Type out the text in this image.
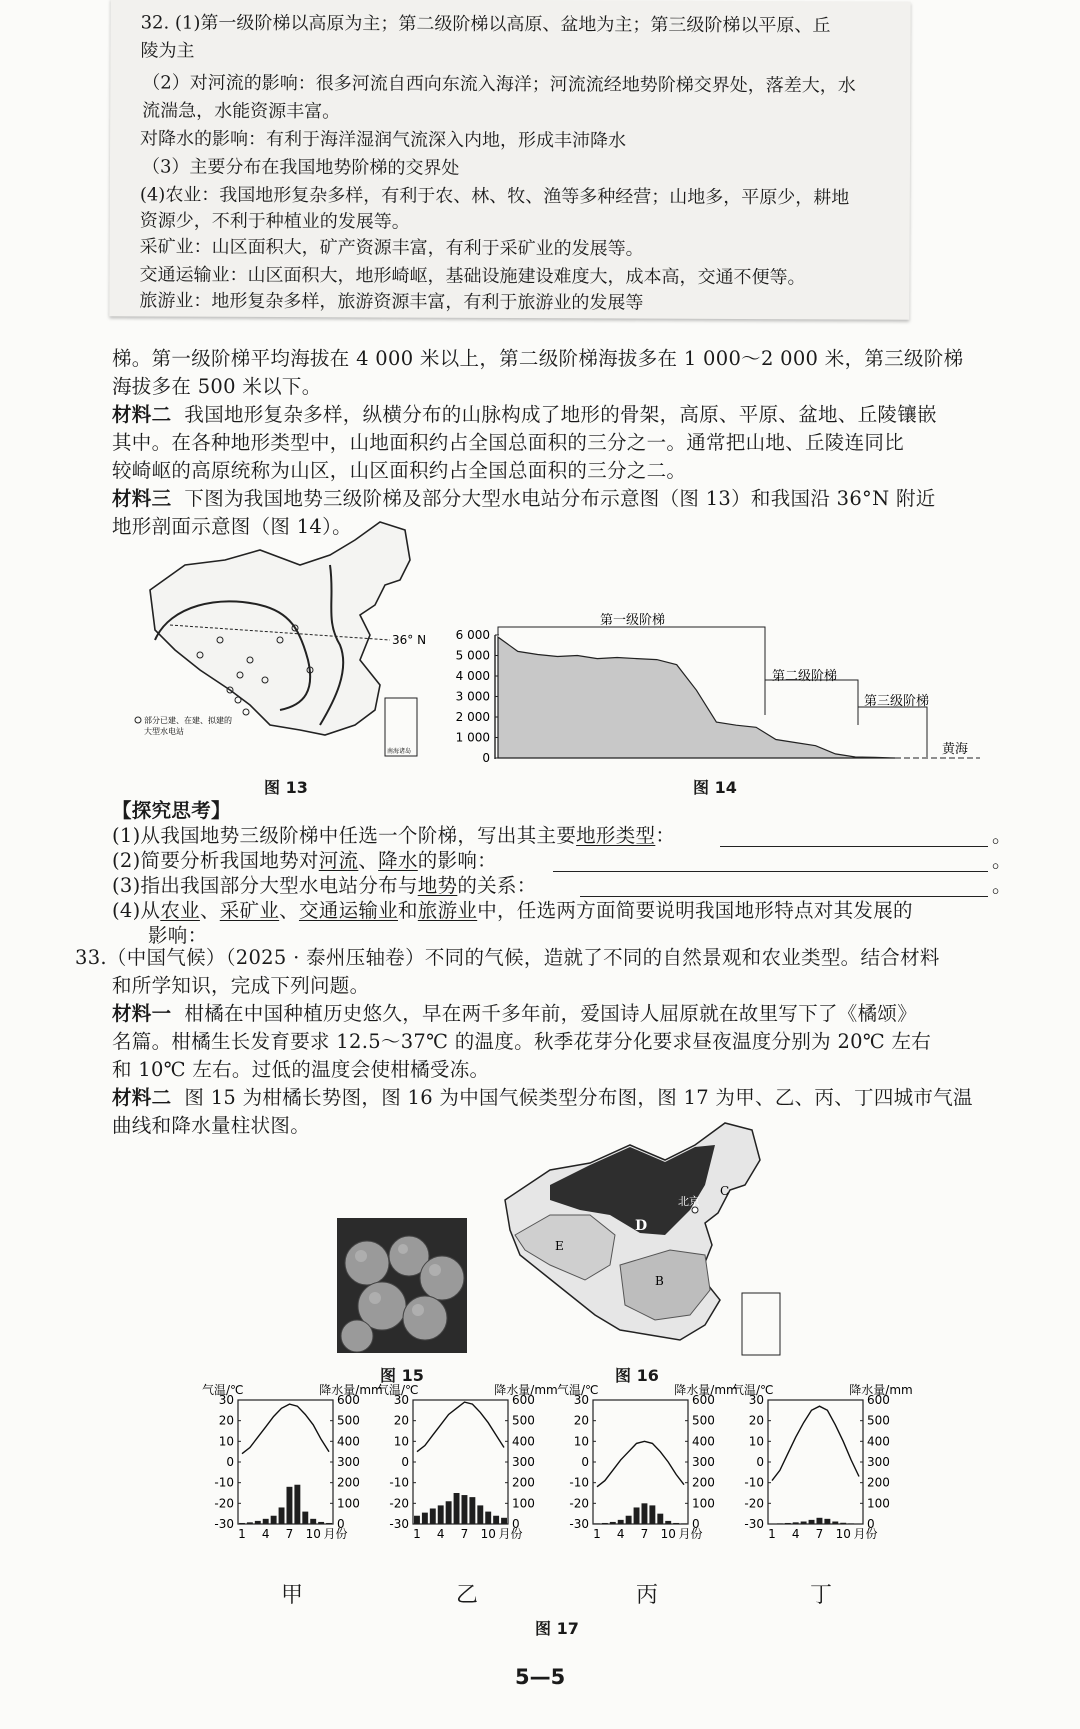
32. (1)第一级阶梯以高原为主；第二级阶梯以高原、盆地为主；第三级阶梯以平原、丘
陵为主
（2）对河流的影响：很多河流自西向东流入海洋；河流流经地势阶梯交界处，落差大，水
流湍急，水能资源丰富。
对降水的影响：有利于海洋湿润气流深入内地，形成丰沛降水
（3）主要分布在我国地势阶梯的交界处
(4)农业：我国地形复杂多样，有利于农、林、牧、渔等多种经营；山地多，平原少，耕地
资源少，不利于种植业的发展等。
采矿业：山区面积大，矿产资源丰富，有利于采矿业的发展等。
交通运输业：山区面积大，地形崎岖，基础设施建设难度大，成本高，交通不便等。
旅游业：地形复杂多样，旅游资源丰富，有利于旅游业的发展等
梯。第一级阶梯平均海拔在 4 000 米以上，第二级阶梯海拔多在 1 000～2 000 米，第三级阶梯
海拔多在 500 米以下。
材料二 我国地形复杂多样，纵横分布的山脉构成了地形的骨架，高原、平原、盆地、丘陵镶嵌
其中。在各种地形类型中，山地面积约占全国总面积的三分之一。通常把山地、丘陵连同比
较崎岖的高原统称为山区，山区面积约占全国总面积的三分之二。
材料三 下图为我国地势三级阶梯及部分大型水电站分布示意图（图 13）和我国沿 36°N 附近
地形剖面示意图（图 14）。
36° N
部分已建、在建、拟建的
大型水电站
南海诸岛
图 13
6 000
5 000
4 000
3 000
2 000
1 000
0
第一级阶梯
第二级阶梯
第三级阶梯
黄海
图 14
【探究思考】
(1)从我国地势三级阶梯中任选一个阶梯，写出其主要地形类型：	。
(2)简要分析我国地势对河流、降水的影响：	。
(3)指出我国部分大型水电站分布与地势的关系：	。
(4)从农业、采矿业、交通运输业和旅游业中，任选两方面简要说明我国地形特点对其发展的
影响：
33.（中国气候）（2025 · 泰州压轴卷）不同的气候，造就了不同的自然景观和农业类型。结合材料
和所学知识，完成下列问题。
材料一 柑橘在中国种植历史悠久，早在两千多年前，爱国诗人屈原就在故里写下了《橘颂》
名篇。柑橘生长发育要求 12.5～37℃ 的温度。秋季花芽分化要求昼夜温度分别为 20℃ 左右
和 10℃ 左右。过低的温度会使柑橘受冻。
材料二 图 15 为柑橘长势图，图 16 为中国气候类型分布图，图 17 为甲、乙、丙、丁四城市气温
曲线和降水量柱状图。
图 15
北京
C
D
E
B
图 16
气温/℃	降水量/mm
30	600
20	500
10	400
0	300
-10	200
-20	100
-30	0
1 4 7 10 月份
气温/℃	降水量/mm
30	600
20	500
10	400
0	300
-10	200
-20	100
-30	0
1 4 7 10 月份
气温/℃	降水量/mm
30	600
20	500
10	400
0	300
-10	200
-20	100
-30	0
1 4 7 10 月份
气温/℃	降水量/mm
30	600
20	500
10	400
0	300
-10	200
-20	100
-30	0
1 4 7 10 月份
甲	乙	丙	丁
图 17
5—5
